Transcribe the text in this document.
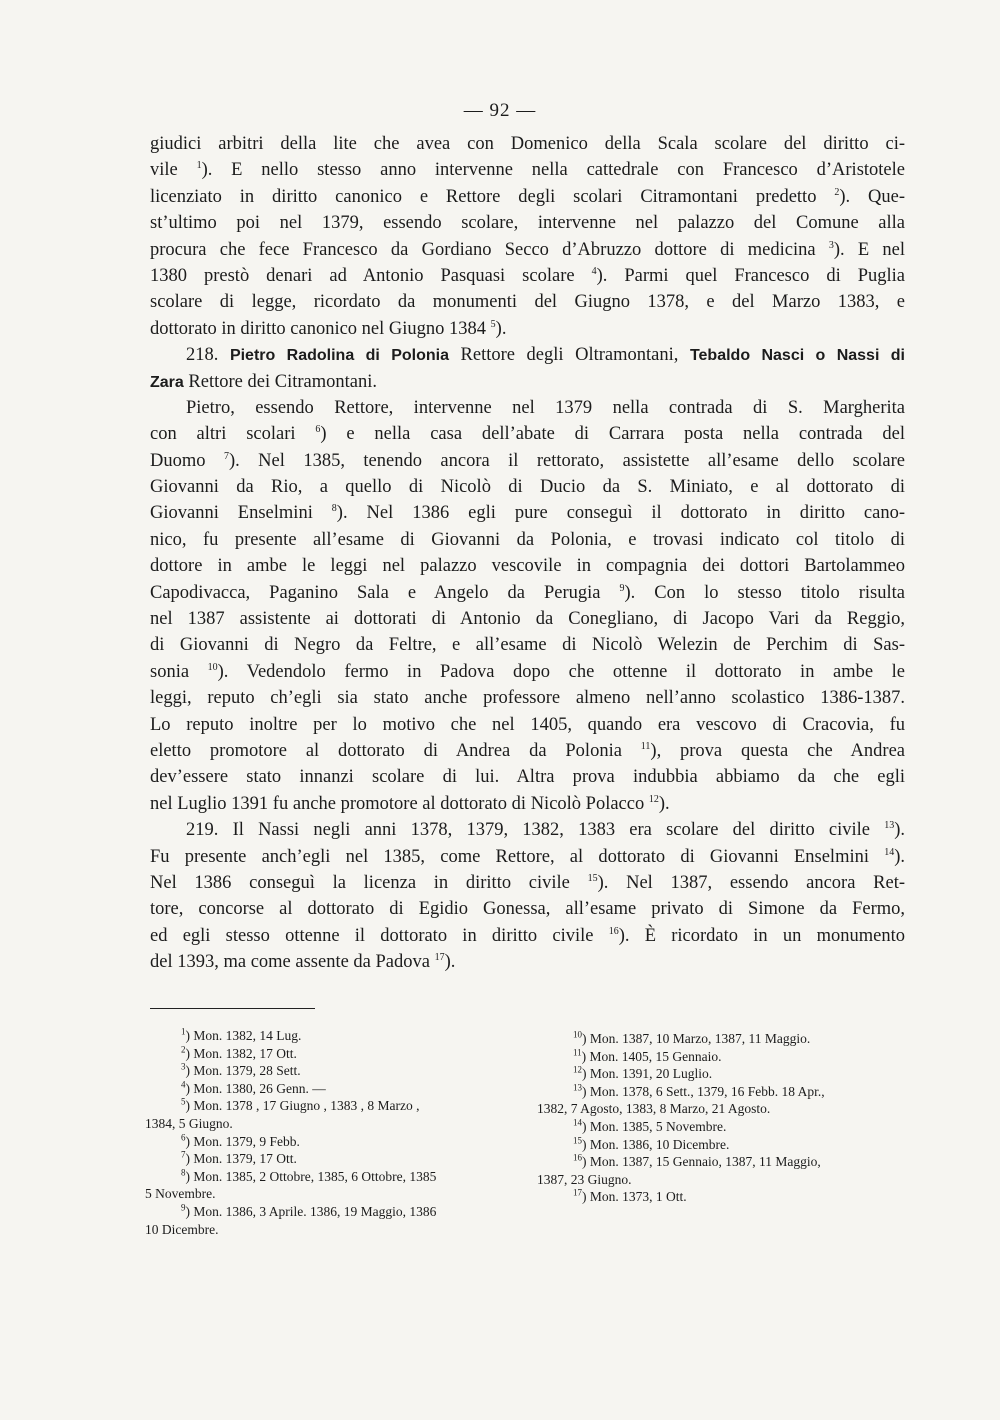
— 92 —
giudici arbitri della lite che avea con Domenico della Scala scolare del diritto ci-
vile $^1$). E nello stesso anno intervenne nella cattedrale con Francesco d’Aristotele
licenziato in diritto canonico e Rettore degli scolari Citramontani predetto $^2$). Que-
st’ultimo poi nel 1379, essendo scolare, intervenne nel palazzo del Comune alla
procura che fece Francesco da Gordiano Secco d’Abruzzo dottore di medicina $^3$). E nel
1380 prestò denari ad Antonio Pasquasi scolare $^4$). Parmi quel Francesco di Puglia
scolare di legge, ricordato da monumenti del Giugno 1378, e del Marzo 1383, e
dottorato in diritto canonico nel Giugno 1384 $^5$).
218. Pietro Radolina di Polonia Rettore degli Oltramontani, Tebaldo Nasci o Nassi di
Zara Rettore dei Citramontani.
Pietro, essendo Rettore, intervenne nel 1379 nella contrada di S. Margherita
con altri scolari $^6$) e nella casa dell’abate di Carrara posta nella contrada del
Duomo $^7$). Nel 1385, tenendo ancora il rettorato, assistette all’esame dello scolare
Giovanni da Rio, a quello di Nicolò di Ducio da S. Miniato, e al dottorato di
Giovanni Enselmini $^8$). Nel 1386 egli pure conseguì il dottorato in diritto cano-
nico, fu presente all’esame di Giovanni da Polonia, e trovasi indicato col titolo di
dottore in ambe le leggi nel palazzo vescovile in compagnia dei dottori Bartolammeo
Capodivacca, Paganino Sala e Angelo da Perugia $^9$). Con lo stesso titolo risulta
nel 1387 assistente ai dottorati di Antonio da Conegliano, di Jacopo Vari da Reggio,
di Giovanni di Negro da Feltre, e all’esame di Nicolò Welezin de Perchim di Sas-
sonia $^{10}$). Vedendolo fermo in Padova dopo che ottenne il dottorato in ambe le
leggi, reputo ch’egli sia stato anche professore almeno nell’anno scolastico 1386-1387.
Lo reputo inoltre per lo motivo che nel 1405, quando era vescovo di Cracovia, fu
eletto promotore al dottorato di Andrea da Polonia $^{11}$), prova questa che Andrea
dev’essere stato innanzi scolare di lui. Altra prova indubbia abbiamo da che egli
nel Luglio 1391 fu anche promotore al dottorato di Nicolò Polacco $^{12}$).
219. Il Nassi negli anni 1378, 1379, 1382, 1383 era scolare del diritto civile $^{13}$).
Fu presente anch’egli nel 1385, come Rettore, al dottorato di Giovanni Enselmini $^{14}$).
Nel 1386 conseguì la licenza in diritto civile $^{15}$). Nel 1387, essendo ancora Ret-
tore, concorse al dottorato di Egidio Gonessa, all’esame privato di Simone da Fermo,
ed egli stesso ottenne il dottorato in diritto civile $^{16}$). È ricordato in un monumento
del 1393, ma come assente da Padova $^{17}$).
$^1$) Mon. 1382, 14 Lug.
$^2$) Mon. 1382, 17 Ott.
$^3$) Mon. 1379, 28 Sett.
$^4$) Mon. 1380, 26 Genn. —
$^5$) Mon. 1378 , 17 Giugno , 1383 , 8 Marzo ,
1384, 5 Giugno.
$^6$) Mon. 1379, 9 Febb.
$^7$) Mon. 1379, 17 Ott.
$^8$) Mon. 1385, 2 Ottobre, 1385, 6 Ottobre, 1385
5 Novembre.
$^9$) Mon. 1386, 3 Aprile. 1386, 19 Maggio, 1386
10 Dicembre.
$^{10}$) Mon. 1387, 10 Marzo, 1387, 11 Maggio.
$^{11}$) Mon. 1405, 15 Gennaio.
$^{12}$) Mon. 1391, 20 Luglio.
$^{13}$) Mon. 1378, 6 Sett., 1379, 16 Febb. 18 Apr.,
1382, 7 Agosto, 1383, 8 Marzo, 21 Agosto.
$^{14}$) Mon. 1385, 5 Novembre.
$^{15}$) Mon. 1386, 10 Dicembre.
$^{16}$) Mon. 1387, 15 Gennaio, 1387, 11 Maggio,
1387, 23 Giugno.
$^{17}$) Mon. 1373, 1 Ott.
